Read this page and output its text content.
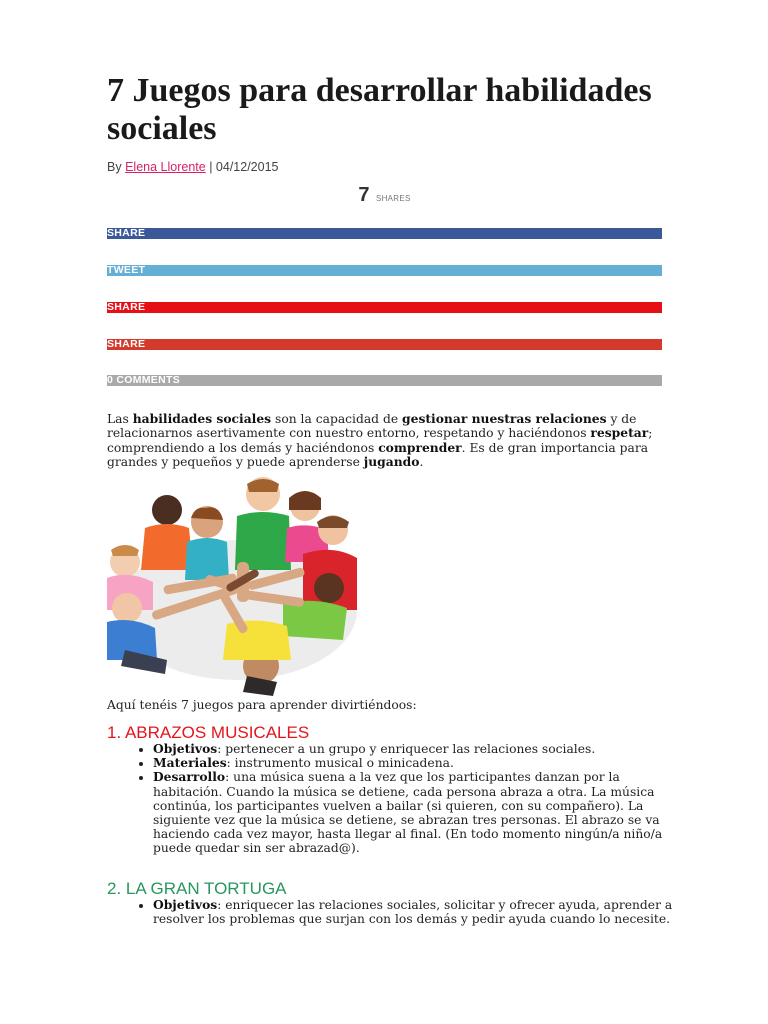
7 Juegos para desarrollar habilidades sociales
By Elena Llorente | 04/12/2015
7 SHARES
SHARE
TWEET
SHARE
SHARE
0 COMMENTS

Las habilidades sociales son la capacidad de gestionar nuestras relaciones y de relacionarnos asertivamente con nuestro entorno, respetando y haciéndonos respetar; comprendiendo a los demás y haciéndonos comprender. Es de gran importancia para grandes y pequeños y puede aprenderse jugando.

Aquí tenéis 7 juegos para aprender divirtiéndoos:
1. ABRAZOS MUSICALES
• Objetivos: pertenecer a un grupo y enriquecer las relaciones sociales.
• Materiales: instrumento musical o minicadena.
• Desarrollo: una música suena a la vez que los participantes danzan por la habitación. Cuando la música se detiene, cada persona abraza a otra. La música continúa, los participantes vuelven a bailar (si quieren, con su compañero). La siguiente vez que la música se detiene, se abrazan tres personas. El abrazo se va haciendo cada vez mayor, hasta llegar al final. (En todo momento ningún/a niño/a puede quedar sin ser abrazad@).
2. LA GRAN TORTUGA
• Objetivos: enriquecer las relaciones sociales, solicitar y ofrecer ayuda, aprender a resolver los problemas que surjan con los demás y pedir ayuda cuando lo necesite.
